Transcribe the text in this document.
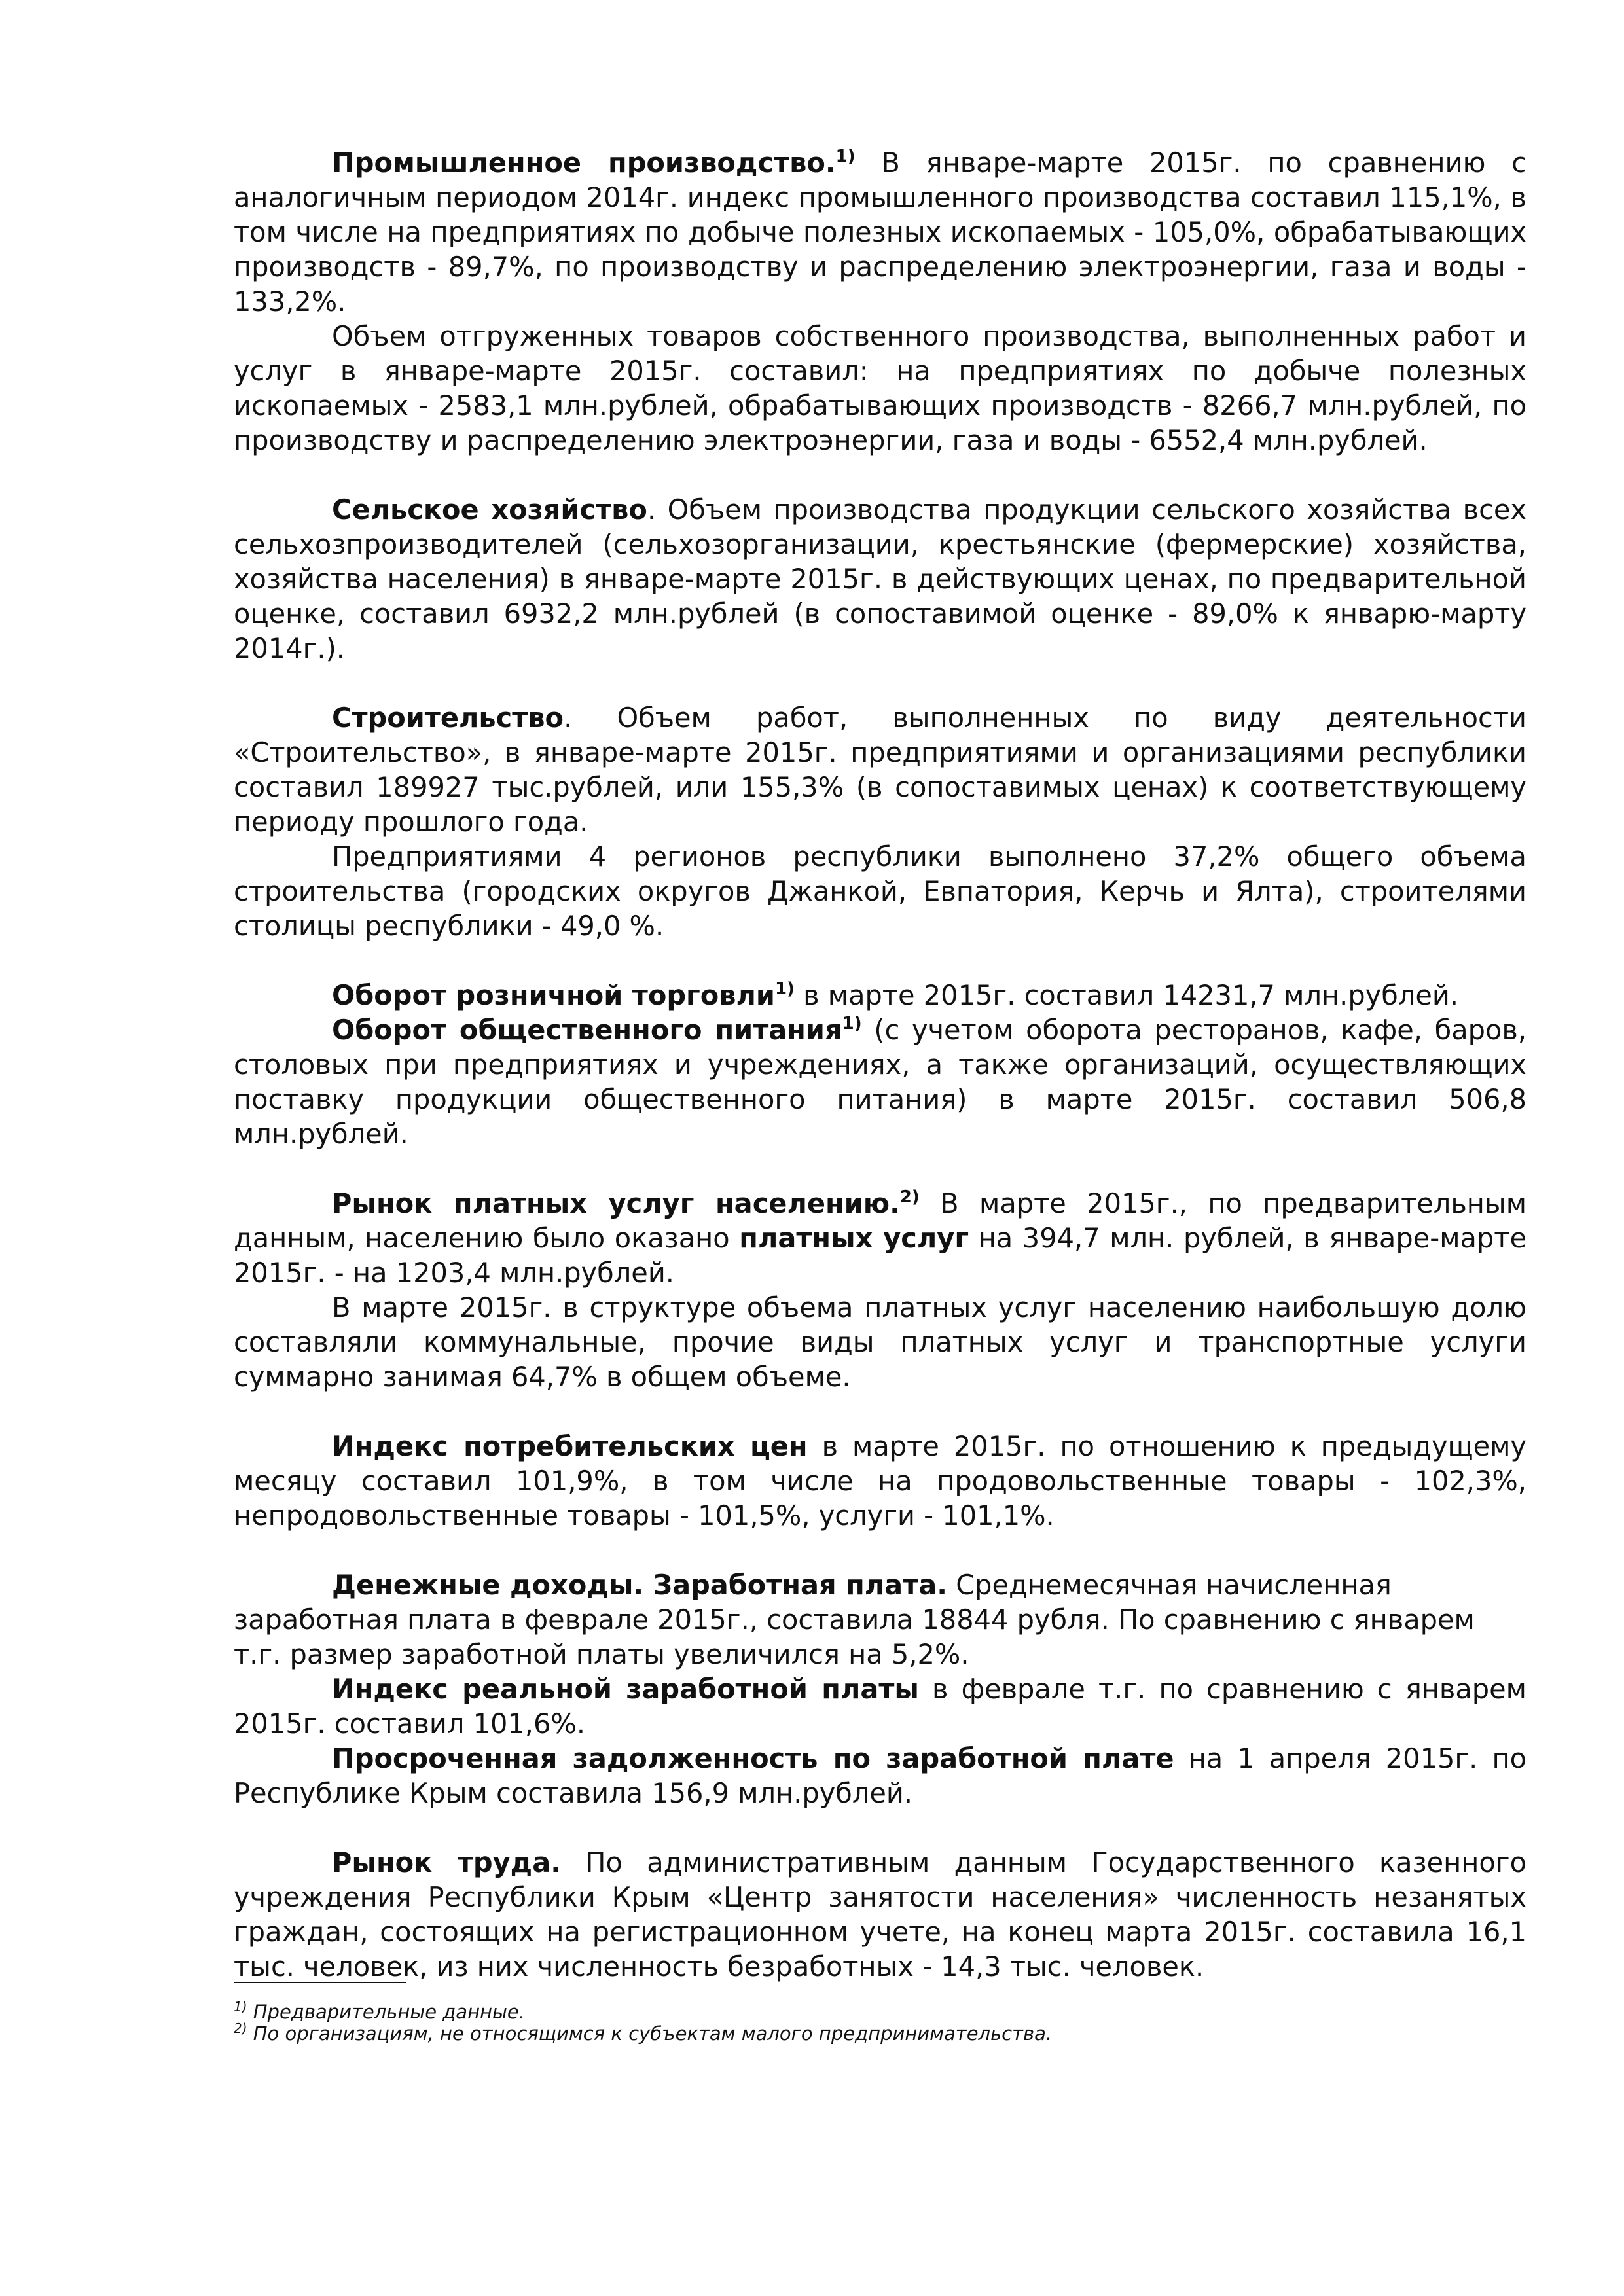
Промышленное производство.$^{1)}$ В январе-марте 2015г. по сравнению с аналогичным периодом 2014г. индекс промышленного производства составил 115,1%, в том числе на предприятиях по добыче полезных ископаемых - 105,0%, обрабатывающих производств - 89,7%, по производству и распределению электроэнергии, газа и воды - 133,2%.

Объем отгруженных товаров собственного производства, выполненных работ и услуг в январе-марте 2015г. составил: на предприятиях по добыче полезных ископаемых - 2583,1 млн.рублей, обрабатывающих производств - 8266,7 млн.рублей, по производству и распределению электроэнергии, газа и воды - 6552,4 млн.рублей.

Сельское хозяйство. Объем производства продукции сельского хозяйства всех сельхозпроизводителей (сельхозорганизации, крестьянские (фермерские) хозяйства, хозяйства населения) в январе-марте 2015г. в действующих ценах, по предварительной оценке, составил 6932,2 млн.рублей (в сопоставимой оценке - 89,0% к январю-марту 2014г.).

Строительство. Объем работ, выполненных по виду деятельности «Строительство», в январе-марте 2015г. предприятиями и организациями республики составил 189927 тыс.рублей, или 155,3% (в сопоставимых ценах) к соответствующему периоду прошлого года.

Предприятиями 4 регионов республики выполнено 37,2% общего объема строительства (городских округов Джанкой, Евпатория, Керчь и Ялта), строителями столицы республики - 49,0 %.

Оборот розничной торговли$^{1)}$ в марте 2015г. составил 14231,7 млн.рублей.

Оборот общественного питания$^{1)}$ (с учетом оборота ресторанов, кафе, баров, столовых при предприятиях и учреждениях, а также организаций, осуществляющих поставку продукции общественного питания) в марте 2015г. составил 506,8 млн.рублей.

Рынок платных услуг населению.$^{2)}$ В марте 2015г., по предварительным данным, населению было оказано платных услуг на 394,7 млн. рублей, в январе-марте 2015г. - на 1203,4 млн.рублей.

В марте 2015г. в структуре объема платных услуг населению наибольшую долю составляли коммунальные, прочие виды платных услуг и транспортные услуги суммарно занимая 64,7% в общем объеме.

Индекс потребительских цен в марте 2015г. по отношению к предыдущему месяцу составил 101,9%, в том числе на продовольственные товары - 102,3%, непродовольственные товары - 101,5%, услуги - 101,1%.

Денежные доходы. Заработная плата. Среднемесячная начисленная заработная плата в феврале 2015г., составила 18844 рубля. По сравнению с январем т.г. размер заработной платы увеличился на 5,2%.

Индекс реальной заработной платы в феврале т.г. по сравнению с январем 2015г. составил 101,6%.

Просроченная задолженность по заработной плате на 1 апреля 2015г. по Республике Крым составила 156,9 млн.рублей.

Рынок труда. По административным данным Государственного казенного учреждения Республики Крым «Центр занятости населения» численность незанятых граждан, состоящих на регистрационном учете, на конец марта 2015г. составила 16,1 тыс. человек, из них численность безработных - 14,3 тыс. человек.

$^{1)}$ Предварительные данные.

$^{2)}$ По организациям, не относящимся к субъектам малого предпринимательства.
